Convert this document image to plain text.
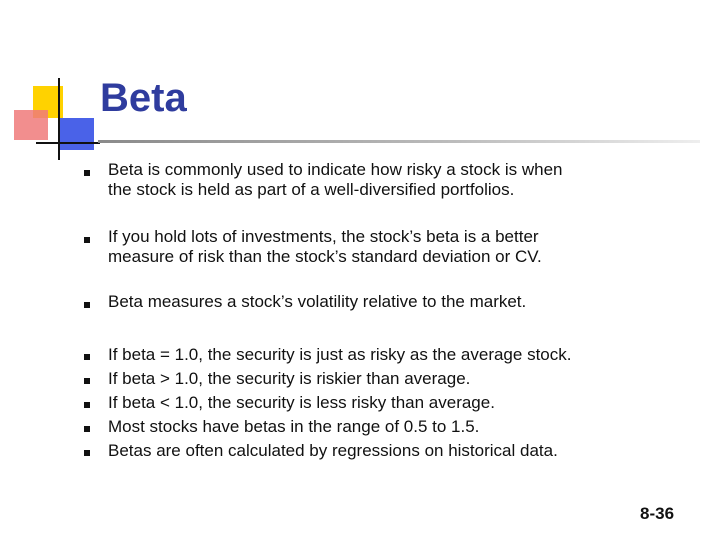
Beta
Beta is commonly used to indicate how risky a stock is when
the stock is held as part of a well-diversified portfolios.
If you hold lots of investments, the stock’s beta is a better
measure of risk than the stock’s standard deviation or CV.
Beta measures a stock’s volatility relative to the market.
If beta = 1.0, the security is just as risky as the average stock.
If beta > 1.0, the security is riskier than average.
If beta < 1.0, the security is less risky than average.
Most stocks have betas in the range of 0.5 to 1.5.
Betas are often calculated by regressions on historical data.
8-36
